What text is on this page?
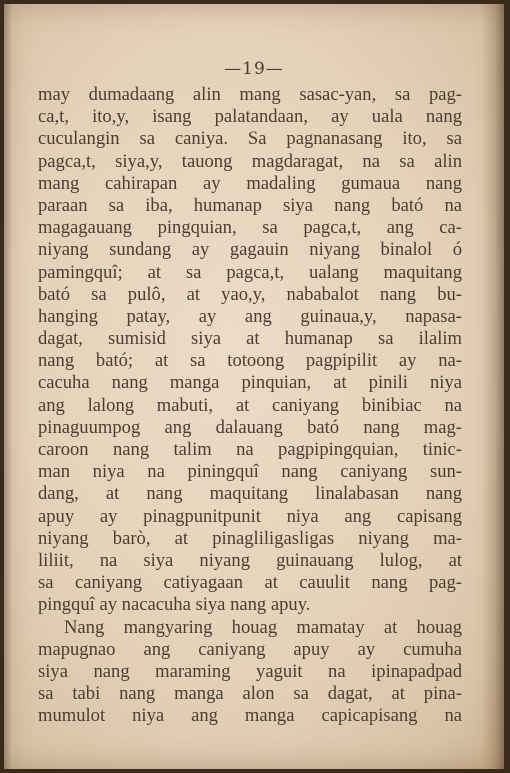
—19—

may dumadaang alin mang sasac-yan, sa pag-
ca,t, ito,y, isang palatandaan, ay uala nang
cuculangin sa caniya. Sa pagnanasang ito, sa
pagca,t, siya,y, tauong magdaragat, na sa alin
mang cahirapan ay madaling gumaua nang
paraan sa iba, humanap siya nang bató na
magagauang pingquian, sa pagca,t, ang ca-
niyang sundang ay gagauin niyang binalol ó
pamingquî; at sa pagca,t, ualang maquitang
bató sa pulô, at yao,y, nababalot nang bu-
hanging patay, ay ang guinaua,y, napasa-
dagat, sumisid siya at humanap sa ilalim
nang bató; at sa totoong pagpipilit ay na-
cacuha nang manga pinquian, at pinili niya
ang lalong mabuti, at caniyang binibiac na
pinaguumpog ang dalauang bató nang mag-
caroon nang talim na pagpipingquian, tinic-
man niya na piningquî nang caniyang sun-
dang, at nang maquitang linalabasan nang
apuy ay pinagpunitpunit niya ang capisang
niyang barò, at pinagliligasligas niyang ma-
liliit, na siya niyang guinauang lulog, at
sa caniyang catiyagaan at cauulit nang pag-
pingquî ay nacacuha siya nang apuy.
Nang mangyaring houag mamatay at houag
mapugnao ang caniyang apuy ay cumuha
siya nang maraming yaguit na ipinapadpad
sa tabi nang manga alon sa dagat, at pina-
mumulot niya ang manga capicapisang na
